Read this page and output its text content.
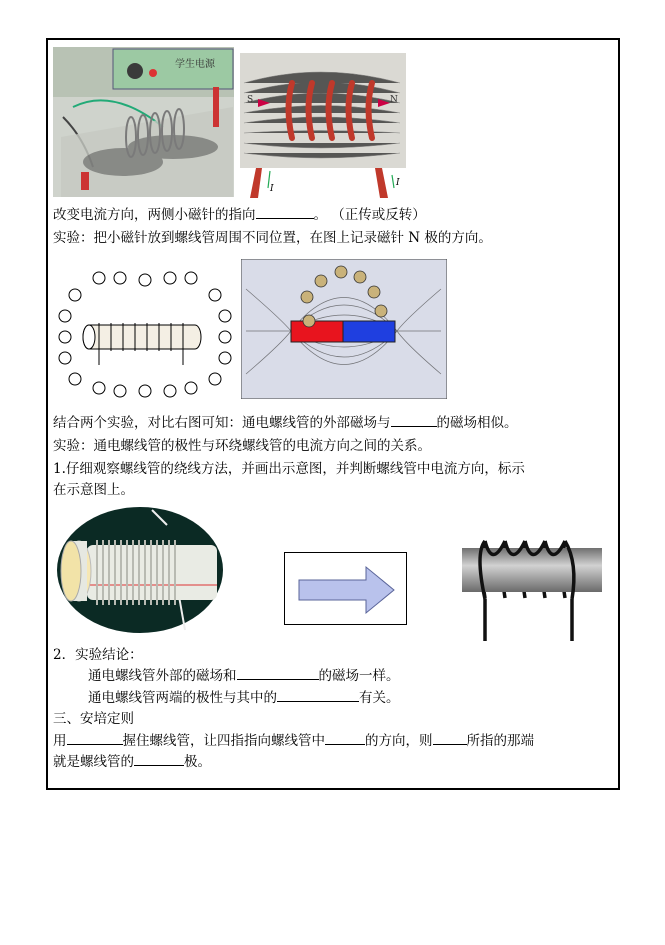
学生电源
S	N
I
I
改变电流方向，两侧小磁针的指向	。 （正传或反转）
实验：把小磁针放到螺线管周围不同位置，在图上记录磁针 N 极的方向。
结合两个实验，对比右图可知：通电螺线管的外部磁场与	的磁场相似。
实验：通电螺线管的极性与环绕螺线管的电流方向之间的关系。
1.仔细观察螺线管的绕线方法，并画出示意图，并判断螺线管中电流方向，标示
在示意图上。
2．实验结论：
通电螺线管外部的磁场和	的磁场一样。
通电螺线管两端的极性与其中的	有关。
三、安培定则
用	握住螺线管，让四指指向螺线管中	的方向，则	所指的那端
就是螺线管的	极。
